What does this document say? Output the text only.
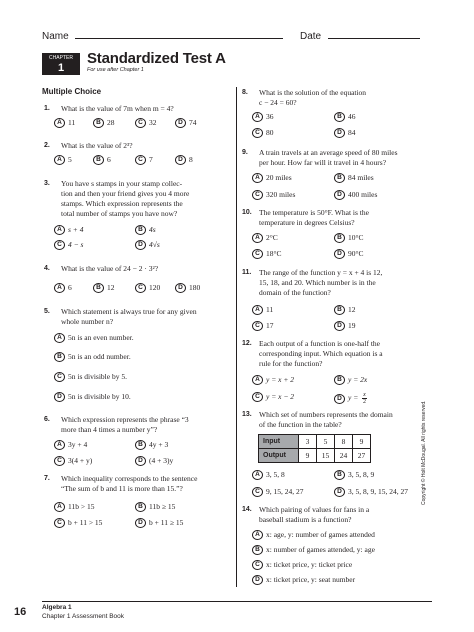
Name	Date
CHAPTER
1
Standardized Test A
For use after Chapter 1
Multiple Choice
1. What is the value of 7m when m = 4?
A 11	B 28	C 32	D 74
2. What is the value of 2³?
A 5	B 6	C 7	D 8
3. You have s stamps in your stamp collec-
tion and then your friend gives you 4 more
stamps. Which expression represents the
total number of stamps you have now?
A s + 4	B 4s
C 4 − s	D 4√s
4. What is the value of 24 − 2 · 3²?
A 6	B 12	C 120	D 180
5. Which statement is always true for any given
whole number n?
A 5n is an even number.
B 5n is an odd number.
C 5n is divisible by 5.
D 5n is divisible by 10.
6. Which expression represents the phrase “3
more than 4 times a number y”?
A 3y + 4	B 4y + 3
C 3(4 + y)	D (4 + 3)y
7. Which inequality corresponds to the sentence
“The sum of b and 11 is more than 15.”?
A 11b > 15	B 11b ≥ 15
C b + 11 > 15	D b + 11 ≥ 15
8. What is the solution of the equation
c − 24 = 60?
A 36	B 46
C 80	D 84
9. A train travels at an average speed of 80 miles
per hour. How far will it travel in 4 hours?
A 20 miles	B 84 miles
C 320 miles	D 400 miles
10. The temperature is 50°F. What is the
temperature in degrees Celsius?
A 2°C	B 10°C
C 18°C	D 90°C
11. The range of the function y = x + 4 is 12,
15, 18, and 20. Which number is in the
domain of the function?
A 11	B 12
C 17	D 19
12. Each output of a function is one-half the
corresponding input. Which equation is a
rule for the function?
A y = x + 2	B y = 2x
C y = x − 2	D $y = \frac{x}{2}$
13. Which set of numbers represents the domain
of the function in the table?
Input	3	5	8	9
Output	9	15	24	27
A 3, 5, 8	B 3, 5, 8, 9
C 9, 15, 24, 27	D 3, 5, 8, 9, 15, 24, 27
14. Which pairing of values for fans in a
baseball stadium is a function?
A x: age, y: number of games attended
B x: number of games attended, y: age
C x: ticket price, y: ticket price
D x: ticket price, y: seat number
Copyright © Holt McDougal. All rights reserved.
16 Algebra 1
Chapter 1 Assessment Book
